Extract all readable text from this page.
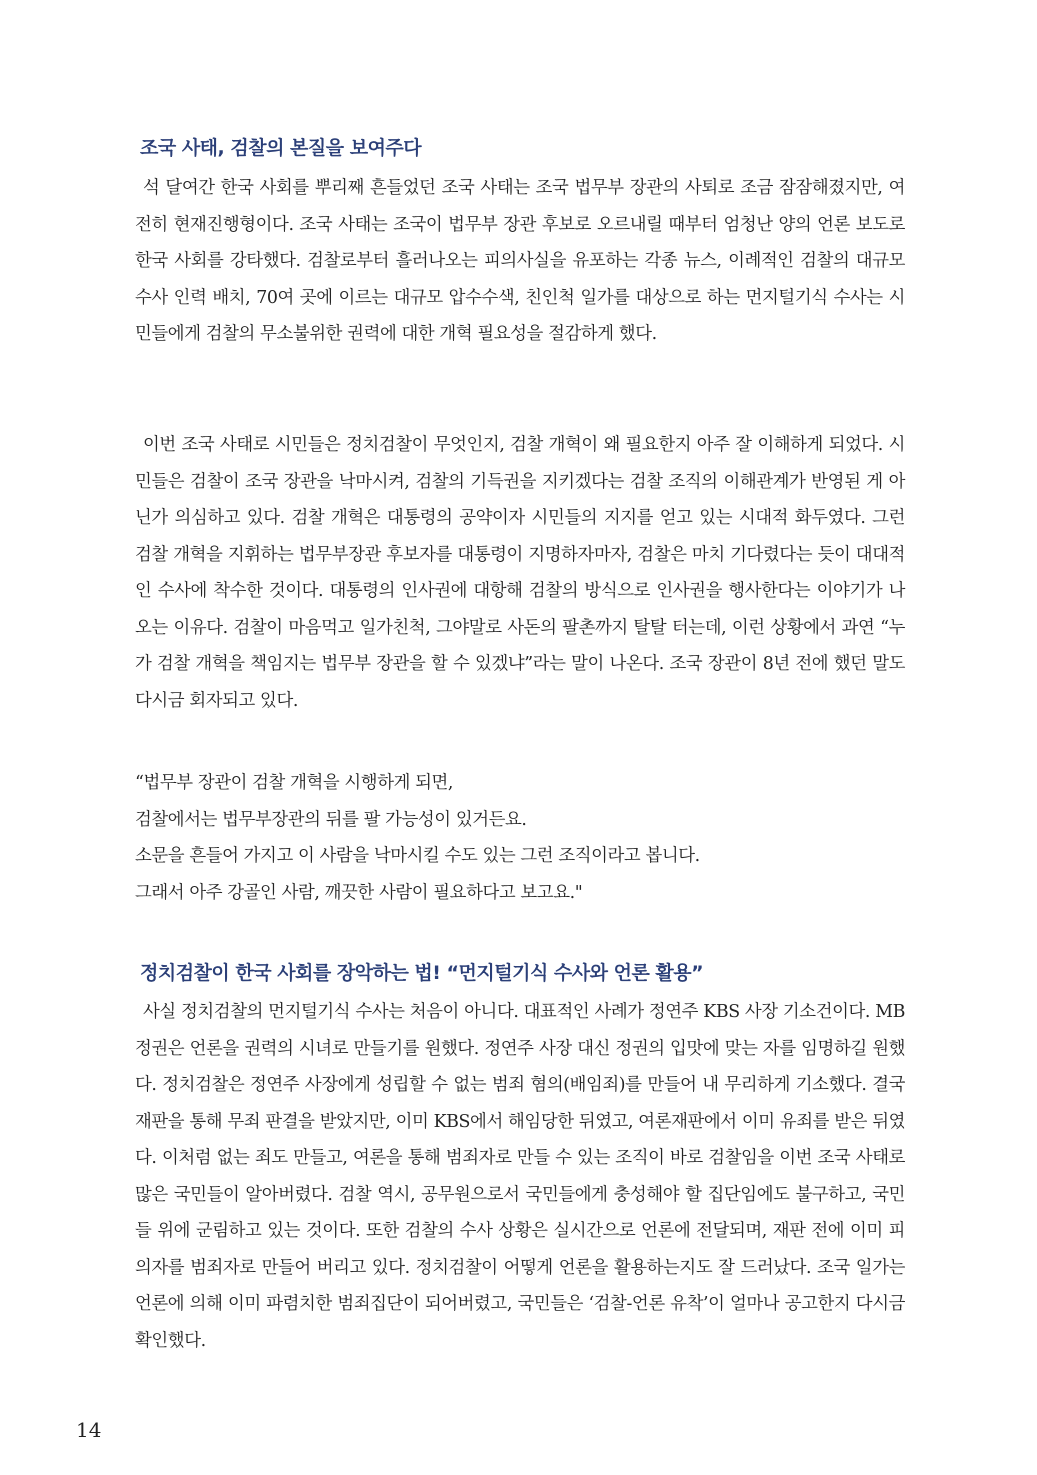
조국 사태, 검찰의 본질을 보여주다

석 달여간 한국 사회를 뿌리째 흔들었던 조국 사태는 조국 법무부 장관의 사퇴로 조금 잠잠해졌지만, 여전히 현재진행형이다. 조국 사태는 조국이 법무부 장관 후보로 오르내릴 때부터 엄청난 양의 언론 보도로 한국 사회를 강타했다. 검찰로부터 흘러나오는 피의사실을 유포하는 각종 뉴스, 이례적인 검찰의 대규모 수사 인력 배치, 70여 곳에 이르는 대규모 압수수색, 친인척 일가를 대상으로 하는 먼지털기식 수사는 시민들에게 검찰의 무소불위한 권력에 대한 개혁 필요성을 절감하게 했다.

이번 조국 사태로 시민들은 정치검찰이 무엇인지, 검찰 개혁이 왜 필요한지 아주 잘 이해하게 되었다. 시민들은 검찰이 조국 장관을 낙마시켜, 검찰의 기득권을 지키겠다는 검찰 조직의 이해관계가 반영된 게 아닌가 의심하고 있다. 검찰 개혁은 대통령의 공약이자 시민들의 지지를 얻고 있는 시대적 화두였다. 그런 검찰 개혁을 지휘하는 법무부장관 후보자를 대통령이 지명하자마자, 검찰은 마치 기다렸다는 듯이 대대적인 수사에 착수한 것이다. 대통령의 인사권에 대항해 검찰의 방식으로 인사권을 행사한다는 이야기가 나오는 이유다. 검찰이 마음먹고 일가친척, 그야말로 사돈의 팔촌까지 탈탈 터는데, 이런 상황에서 과연 “누가 검찰 개혁을 책임지는 법무부 장관을 할 수 있겠냐”라는 말이 나온다. 조국 장관이 8년 전에 했던 말도 다시금 회자되고 있다.

“법무부 장관이 검찰 개혁을 시행하게 되면,
검찰에서는 법무부장관의 뒤를 팔 가능성이 있거든요.
소문을 흔들어 가지고 이 사람을 낙마시킬 수도 있는 그런 조직이라고 봅니다.
그래서 아주 강골인 사람, 깨끗한 사람이 필요하다고 보고요."
정치검찰이 한국 사회를 장악하는 법! “먼지털기식 수사와 언론 활용”

사실 정치검찰의 먼지털기식 수사는 처음이 아니다. 대표적인 사례가 정연주 KBS 사장 기소건이다. MB정권은 언론을 권력의 시녀로 만들기를 원했다. 정연주 사장 대신 정권의 입맛에 맞는 자를 임명하길 원했다. 정치검찰은 정연주 사장에게 성립할 수 없는 범죄 혐의(배임죄)를 만들어 내 무리하게 기소했다. 결국 재판을 통해 무죄 판결을 받았지만, 이미 KBS에서 해임당한 뒤였고, 여론재판에서 이미 유죄를 받은 뒤였다. 이처럼 없는 죄도 만들고, 여론을 통해 범죄자로 만들 수 있는 조직이 바로 검찰임을 이번 조국 사태로 많은 국민들이 알아버렸다. 검찰 역시, 공무원으로서 국민들에게 충성해야 할 집단임에도 불구하고, 국민들 위에 군림하고 있는 것이다. 또한 검찰의 수사 상황은 실시간으로 언론에 전달되며, 재판 전에 이미 피의자를 범죄자로 만들어 버리고 있다. 정치검찰이 어떻게 언론을 활용하는지도 잘 드러났다. 조국 일가는 언론에 의해 이미 파렴치한 범죄집단이 되어버렸고, 국민들은 ‘검찰-언론 유착’이 얼마나 공고한지 다시금 확인했다.

14
